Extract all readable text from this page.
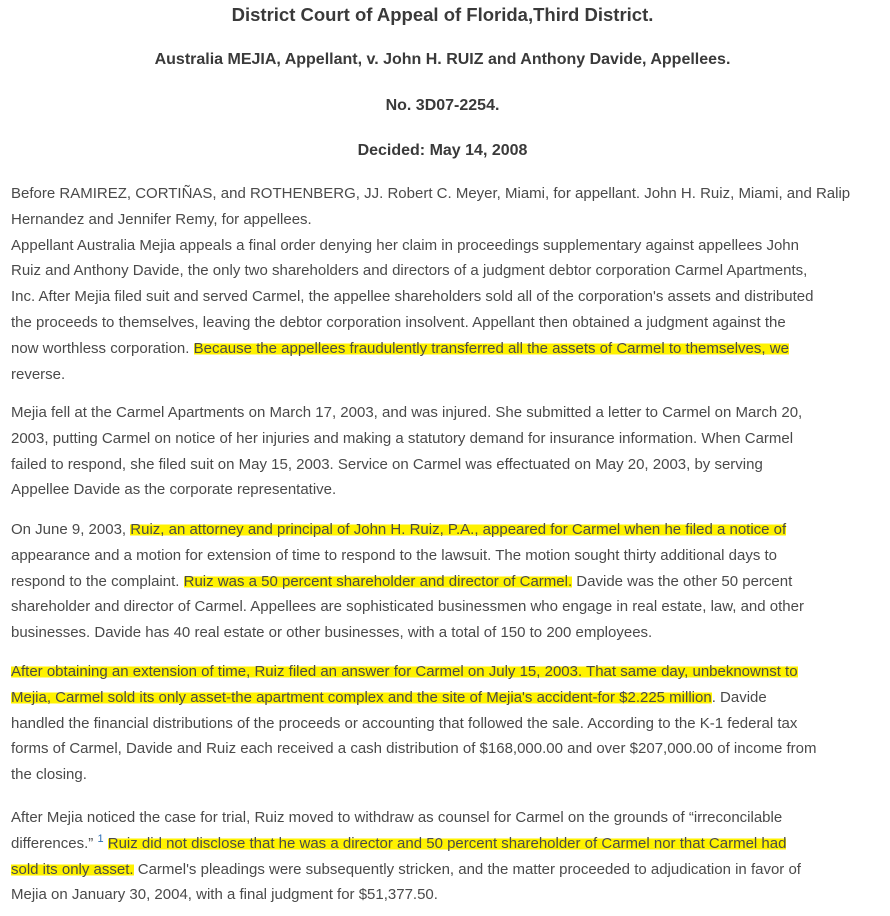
District Court of Appeal of Florida,Third District.
Australia MEJIA, Appellant, v. John H. RUIZ and Anthony Davide, Appellees.
No. 3D07-2254.
Decided: May 14, 2008
Before RAMIREZ, CORTIÑAS, and ROTHENBERG, JJ. Robert C. Meyer, Miami, for appellant. John H. Ruiz, Miami, and Ralip
Hernandez and Jennifer Remy, for appellees.
Appellant Australia Mejia appeals a final order denying her claim in proceedings supplementary against appellees John
Ruiz and Anthony Davide, the only two shareholders and directors of a judgment debtor corporation Carmel Apartments,
Inc. After Mejia filed suit and served Carmel, the appellee shareholders sold all of the corporation's assets and distributed
the proceeds to themselves, leaving the debtor corporation insolvent. Appellant then obtained a judgment against the
now worthless corporation. Because the appellees fraudulently transferred all the assets of Carmel to themselves, we
reverse.
Mejia fell at the Carmel Apartments on March 17, 2003, and was injured. She submitted a letter to Carmel on March 20,
2003, putting Carmel on notice of her injuries and making a statutory demand for insurance information. When Carmel
failed to respond, she filed suit on May 15, 2003. Service on Carmel was effectuated on May 20, 2003, by serving
Appellee Davide as the corporate representative.
On June 9, 2003, Ruiz, an attorney and principal of John H. Ruiz, P.A., appeared for Carmel when he filed a notice of
appearance and a motion for extension of time to respond to the lawsuit. The motion sought thirty additional days to
respond to the complaint. Ruiz was a 50 percent shareholder and director of Carmel. Davide was the other 50 percent
shareholder and director of Carmel. Appellees are sophisticated businessmen who engage in real estate, law, and other
businesses. Davide has 40 real estate or other businesses, with a total of 150 to 200 employees.
After obtaining an extension of time, Ruiz filed an answer for Carmel on July 15, 2003. That same day, unbeknownst to
Mejia, Carmel sold its only asset-the apartment complex and the site of Mejia's accident-for $2.225 million. Davide
handled the financial distributions of the proceeds or accounting that followed the sale. According to the K-1 federal tax
forms of Carmel, Davide and Ruiz each received a cash distribution of $168,000.00 and over $207,000.00 of income from
the closing.
After Mejia noticed the case for trial, Ruiz moved to withdraw as counsel for Carmel on the grounds of “irreconcilable
differences.” $^1$ Ruiz did not disclose that he was a director and 50 percent shareholder of Carmel nor that Carmel had
sold its only asset. Carmel's pleadings were subsequently stricken, and the matter proceeded to adjudication in favor of
Mejia on January 30, 2004, with a final judgment for $51,377.50.
